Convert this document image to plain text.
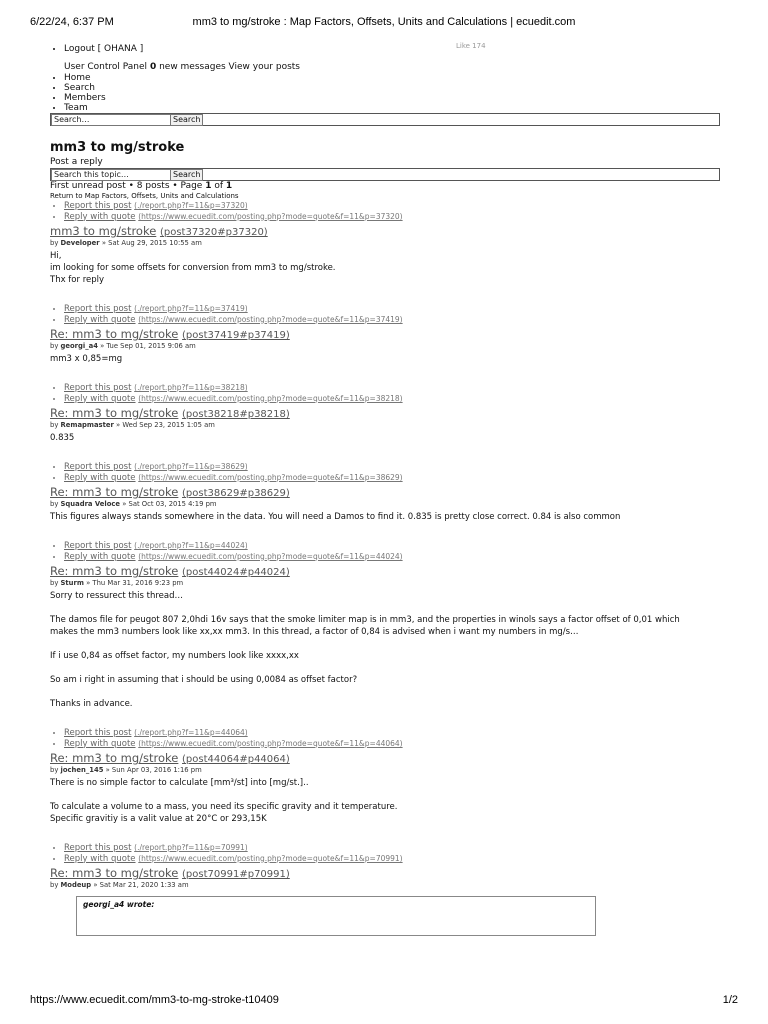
6/22/24, 6:37 PM	mm3 to mg/stroke : Map Factors, Offsets, Units and Calculations | ecuedit.com
Like 174
• Logout [ OHANA ]
User Control Panel 0 new messages View your posts
• Home
• Search
• Members
• Team
Search…	Search
mm3 to mg/stroke
Post a reply
Search this topic…	Search
First unread post • 8 posts • Page 1 of 1
Return to Map Factors, Offsets, Units and Calculations
• Report this post (./report.php?f=11&p=37320)
• Reply with quote (https://www.ecuedit.com/posting.php?mode=quote&f=11&p=37320)
mm3 to mg/stroke (post37320#p37320)
by Developer » Sat Aug 29, 2015 10:55 am

Hi,

im looking for some offsets for conversion from mm3 to mg/stroke.

Thx for reply

• Report this post (./report.php?f=11&p=37419)
• Reply with quote (https://www.ecuedit.com/posting.php?mode=quote&f=11&p=37419)
Re: mm3 to mg/stroke (post37419#p37419)
by georgi_a4 » Tue Sep 01, 2015 9:06 am

mm3 x 0,85=mg

• Report this post (./report.php?f=11&p=38218)
• Reply with quote (https://www.ecuedit.com/posting.php?mode=quote&f=11&p=38218)
Re: mm3 to mg/stroke (post38218#p38218)
by Remapmaster » Wed Sep 23, 2015 1:05 am

0.835

• Report this post (./report.php?f=11&p=38629)
• Reply with quote (https://www.ecuedit.com/posting.php?mode=quote&f=11&p=38629)
Re: mm3 to mg/stroke (post38629#p38629)
by Squadra Veloce » Sat Oct 03, 2015 4:19 pm

This figures always stands somewhere in the data. You will need a Damos to find it. 0.835 is pretty close correct. 0.84 is also common

• Report this post (./report.php?f=11&p=44024)
• Reply with quote (https://www.ecuedit.com/posting.php?mode=quote&f=11&p=44024)
Re: mm3 to mg/stroke (post44024#p44024)
by Sturm » Thu Mar 31, 2016 9:23 pm

Sorry to ressurect this thread…

The damos file for peugot 807 2,0hdi 16v says that the smoke limiter map is in mm3, and the properties in winols says a factor offset of 0,01 which

makes the mm3 numbers look like xx,xx mm3. In this thread, a factor of 0,84 is advised when i want my numbers in mg/s…

If i use 0,84 as offset factor, my numbers look like xxxx,xx

So am i right in assuming that i should be using 0,0084 as offset factor?

Thanks in advance.

• Report this post (./report.php?f=11&p=44064)
• Reply with quote (https://www.ecuedit.com/posting.php?mode=quote&f=11&p=44064)
Re: mm3 to mg/stroke (post44064#p44064)
by jochen_145 » Sun Apr 03, 2016 1:16 pm

There is no simple factor to calculate [mm³/st] into [mg/st.]..

To calculate a volume to a mass, you need its specific gravity and it temperature.

Specific gravitiy is a valit value at 20°C or 293,15K

• Report this post (./report.php?f=11&p=70991)
• Reply with quote (https://www.ecuedit.com/posting.php?mode=quote&f=11&p=70991)
Re: mm3 to mg/stroke (post70991#p70991)
by Modeup » Sat Mar 21, 2020 1:33 am
georgi_a4 wrote:
https://www.ecuedit.com/mm3-to-mg-stroke-t10409	1/2
